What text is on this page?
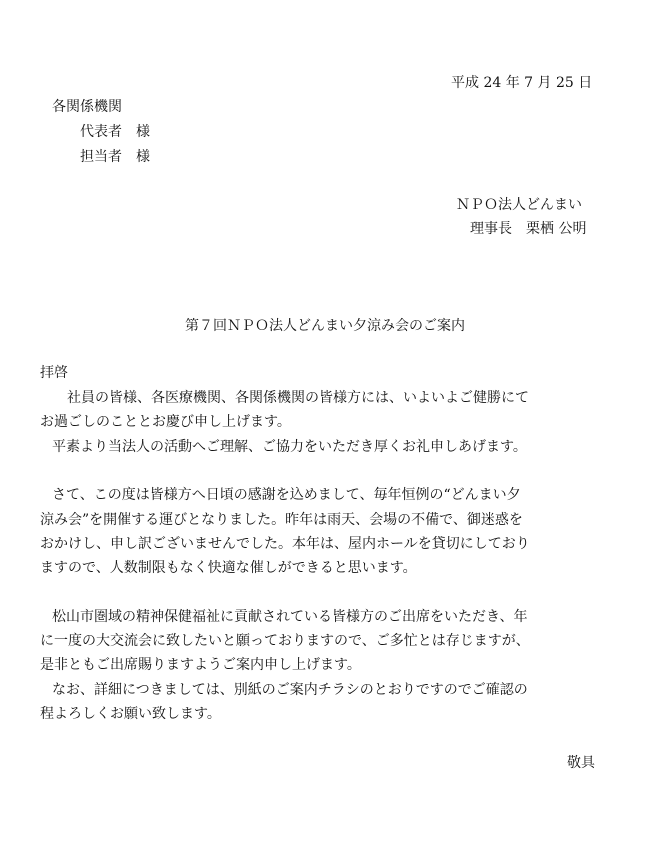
平成 24 年 7 月 25 日

各関係機関

代表者　様

担当者　様

ＮＰＯ法人どんまい

理事長　栗栖 公明

第７回ＮＰＯ法人どんまい夕涼み会のご案内

拝啓

社員の皆様、各医療機関、各関係機関の皆様方には、いよいよご健勝にて

お過ごしのこととお慶び申し上げます。

平素より当法人の活動へご理解、ご協力をいただき厚くお礼申しあげます。

さて、この度は皆様方へ日頃の感謝を込めまして、毎年恒例の“どんまい夕

涼み会”を開催する運びとなりました。昨年は雨天、会場の不備で、御迷惑を

おかけし、申し訳ございませんでした。本年は、屋内ホールを貸切にしており

ますので、人数制限もなく快適な催しができると思います。

松山市圏域の精神保健福祉に貢献されている皆様方のご出席をいただき、年

に一度の大交流会に致したいと願っておりますので、ご多忙とは存じますが、

是非ともご出席賜りますようご案内申し上げます。

なお、詳細につきましては、別紙のご案内チラシのとおりですのでご確認の

程よろしくお願い致します。

敬具
